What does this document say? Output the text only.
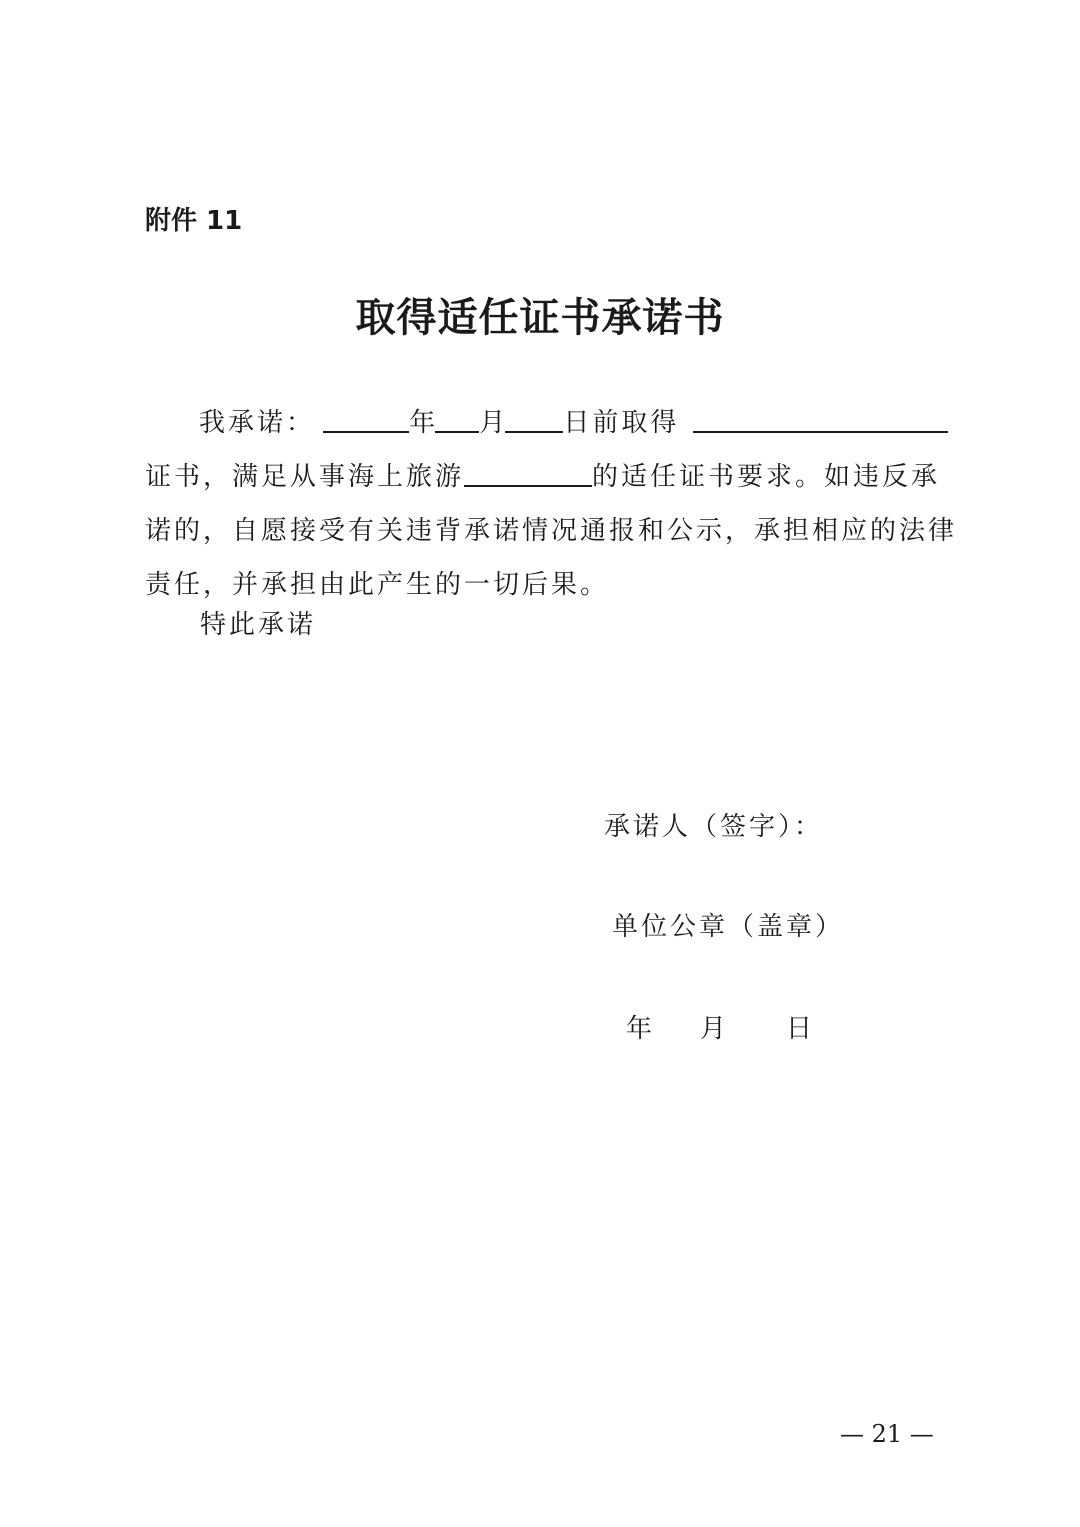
附件 11
取得适任证书承诺书
我承诺：	年 月 日前取得
证书，满足从事海上旅游	的适任证书要求。如违反承
诺的，自愿接受有关违背承诺情况通报和公示，承担相应的法律
责任，并承担由此产生的一切后果。
特此承诺
承诺人（签字）：
单位公章（盖章）
年 月 日
— 21 —
